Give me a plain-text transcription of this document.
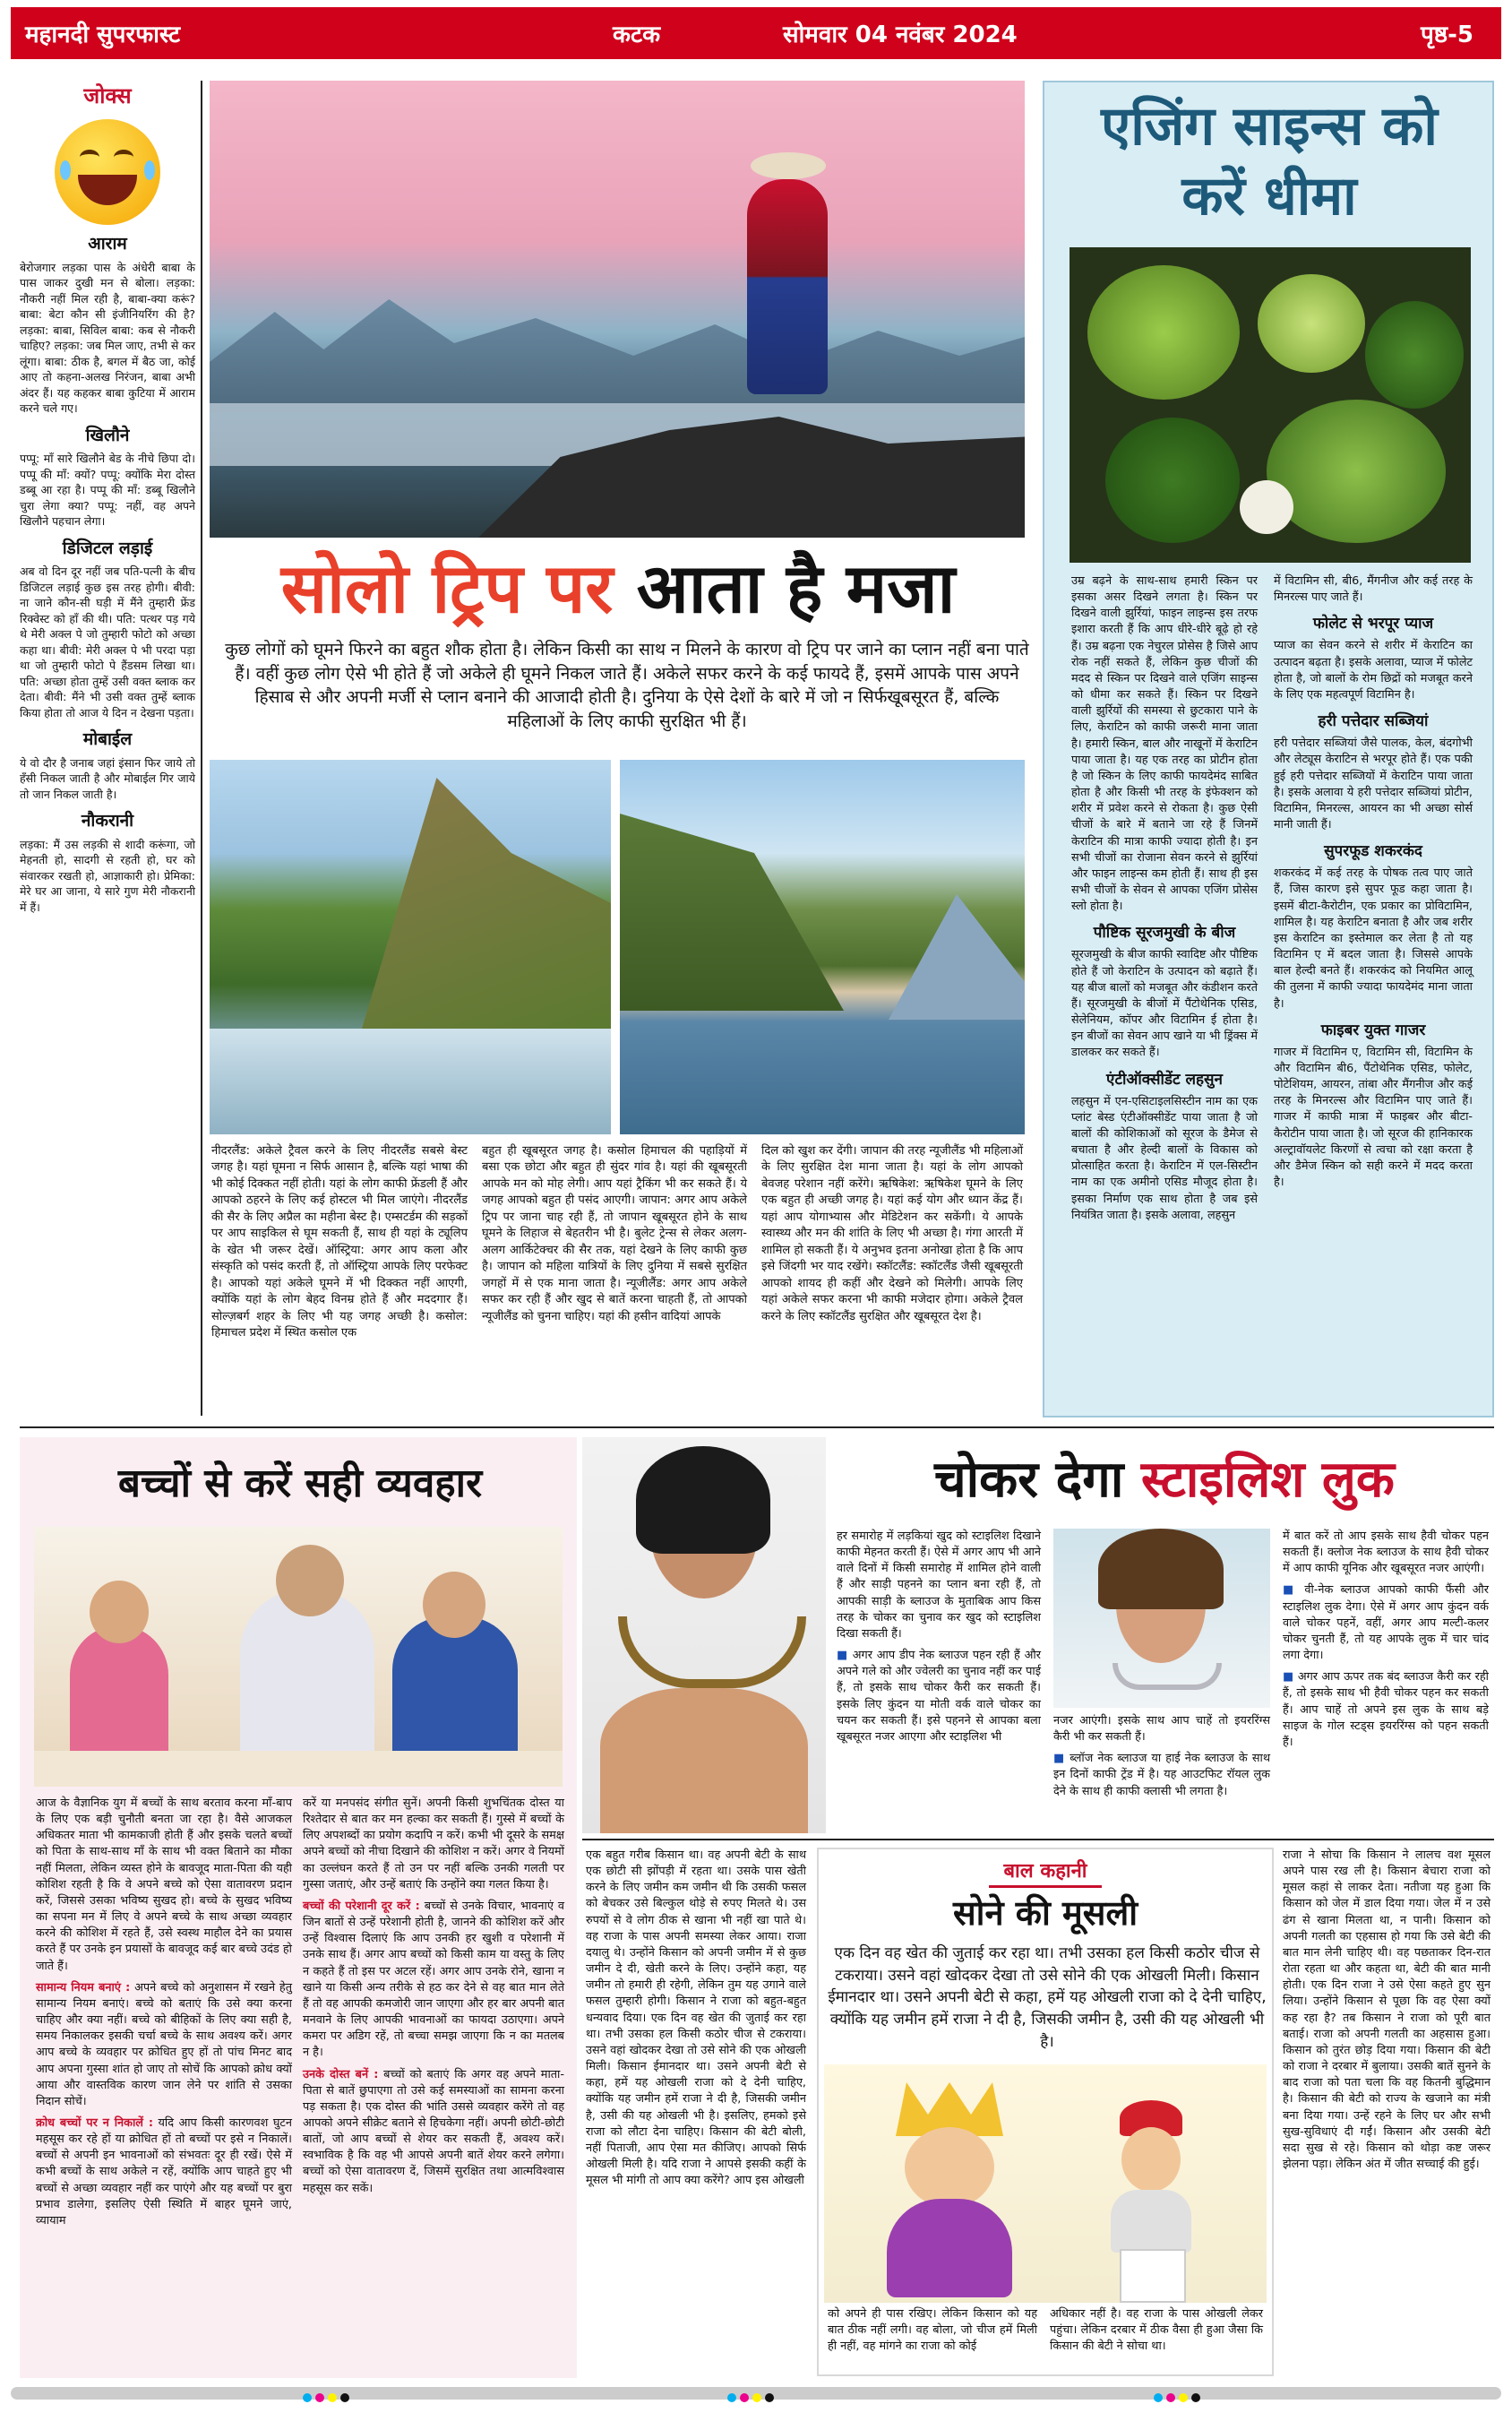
महानदी सुपरफास्ट	कटक	सोमवार 04 नवंबर 2024	पृष्ठ-5
जोक्स
आराम

बेरोजगार लड़का पास के अंधेरी बाबा के पास जाकर दुखी मन से बोला। लड़का: नौकरी नहीं मिल रही है, बाबा-क्या करूं? बाबा: बेटा कौन सी इंजीनियरिंग की है? लड़का: बाबा, सिविल बाबा: कब से नौकरी चाहिए? लड़का: जब मिल जाए, तभी से कर लूंगा। बाबा: ठीक है, बगल में बैठ जा, कोई आए तो कहना-अलख निरंजन, बाबा अभी अंदर हैं। यह कहकर बाबा कुटिया में आराम करने चले गए।

खिलौने

पप्पू: माँ सारे खिलौने बेड के नीचे छिपा दो। पप्पू की माँ: क्यों? पप्पू: क्योंकि मेरा दोस्त डब्बू आ रहा है। पप्पू की माँ: डब्बू खिलौने चुरा लेगा क्या? पप्पू: नहीं, वह अपने खिलौने पहचान लेगा।

डिजिटल लड़ाई

अब वो दिन दूर नहीं जब पति-पत्नी के बीच डिजिटल लड़ाई कुछ इस तरह होगी। बीवी: ना जाने कौन-सी घड़ी में मैंने तुम्हारी फ्रेंड रिक्वेस्ट को हाँ की थी। पति: पत्थर पड़ गये थे मेरी अक्ल पे जो तुम्हारी फोटो को अच्छा कहा था। बीवी: मेरी अक्ल पे भी परदा पड़ा था जो तुम्हारी फोटो पे हैंडसम लिखा था। पति: अच्छा होता तुम्हें उसी वक्त ब्लाक कर देता। बीवी: मैंने भी उसी वक्त तुम्हें ब्लाक किया होता तो आज ये दिन न देखना पड़ता।

मोबाईल

ये वो दौर है जनाब जहां इंसान फिर जाये तो हँसी निकल जाती है और मोबाईल गिर जाये तो जान निकल जाती है।

नौकरानी

लड़का: मैं उस लड़की से शादी करूंगा, जो मेहनती हो, सादगी से रहती हो, घर को संवारकर रखती हो, आज्ञाकारी हो। प्रेमिका: मेरे घर आ जाना, ये सारे गुण मेरी नौकरानी में हैं।

सोलो ट्रिप पर आता है मजा
कुछ लोगों को घूमने फिरने का बहुत शौक होता है। लेकिन किसी का साथ न मिलने के कारण वो ट्रिप पर जाने का प्लान नहीं बना पाते हैं। वहीं कुछ लोग ऐसे भी होते हैं जो अकेले ही घूमने निकल जाते हैं। अकेले सफर करने के कई फायदे हैं, इसमें आपके पास अपने हिसाब से और अपनी मर्जी से प्लान बनाने की आजादी होती है। दुनिया के ऐसे देशों के बारे में जो न सिर्फखूबसूरत हैं, बल्कि महिलाओं के लिए काफी सुरक्षित भी हैं।
नीदरलैंड: अकेले ट्रैवल करने के लिए नीदरलैंड सबसे बेस्ट जगह है। यहां घूमना न सिर्फ आसान है, बल्कि यहां भाषा की भी कोई दिक्कत नहीं होती। यहां के लोग काफी फ्रेंडली हैं और आपको ठहरने के लिए कई होस्टल भी मिल जाएंगे। नीदरलैंड की सैर के लिए अप्रैल का महीना बेस्ट है। एम्सटर्डम की सड़कों पर आप साइकिल से घूम सकती हैं, साथ ही यहां के ट्यूलिप के खेत भी जरूर देखें। ऑस्ट्रिया: अगर आप कला और संस्कृति को पसंद करती हैं, तो ऑस्ट्रिया आपके लिए परफेक्ट है। आपको यहां अकेले घूमने में भी दिक्कत नहीं आएगी, क्योंकि यहां के लोग बेहद विनम्र होते हैं और मददगार हैं। सोल्ज़बर्ग शहर के लिए भी यह जगह अच्छी है। कसोल: हिमाचल प्रदेश में स्थित कसोल एक
बहुत ही खूबसूरत जगह है। कसोल हिमाचल की पहाड़ियों में बसा एक छोटा और बहुत ही सुंदर गांव है। यहां की खूबसूरती आपके मन को मोह लेगी। आप यहां ट्रैकिंग भी कर सकते हैं। ये जगह आपको बहुत ही पसंद आएगी। जापान: अगर आप अकेले ट्रिप पर जाना चाह रही हैं, तो जापान खूबसूरत होने के साथ घूमने के लिहाज से बेहतरीन भी है। बुलेट ट्रेन्स से लेकर अलग-अलग आर्किटेक्चर की सैर तक, यहां देखने के लिए काफी कुछ है। जापान को महिला यात्रियों के लिए दुनिया में सबसे सुरक्षित जगहों में से एक माना जाता है। न्यूजीलैंड: अगर आप अकेले सफर कर रही हैं और खुद से बातें करना चाहती हैं, तो आपको न्यूजीलैंड को चुनना चाहिए। यहां की हसीन वादियां आपके
दिल को खुश कर देंगी। जापान की तरह न्यूजीलैंड भी महिलाओं के लिए सुरक्षित देश माना जाता है। यहां के लोग आपको बेवजह परेशान नहीं करेंगे। ऋषिकेश: ऋषिकेश घूमने के लिए एक बहुत ही अच्छी जगह है। यहां कई योग और ध्यान केंद्र हैं। यहां आप योगाभ्यास और मेडिटेशन कर सकेंगी। ये आपके स्वास्थ्य और मन की शांति के लिए भी अच्छा है। गंगा आरती में शामिल हो सकती हैं। ये अनुभव इतना अनोखा होता है कि आप इसे जिंदगी भर याद रखेंगे। स्कॉटलैंड: स्कॉटलैंड जैसी खूबसूरती आपको शायद ही कहीं और देखने को मिलेगी। आपके लिए यहां अकेले सफर करना भी काफी मजेदार होगा। अकेले ट्रैवल करने के लिए स्कॉटलैंड सुरक्षित और खूबसूरत देश है।
एजिंग साइन्स को
करें धीमा

उम्र बढ़ने के साथ-साथ हमारी स्किन पर इसका असर दिखने लगता है। स्किन पर दिखने वाली झुर्रियां, फाइन लाइन्स इस तरफ इशारा करती हैं कि आप धीरे-धीरे बूढ़े हो रहे हैं। उम्र बढ़ना एक नेचुरल प्रोसेस है जिसे आप रोक नहीं सकते हैं, लेकिन कुछ चीजों की मदद से स्किन पर दिखने वाले एजिंग साइन्स को धीमा कर सकते हैं। स्किन पर दिखने वाली झुर्रियों की समस्या से छुटकारा पाने के लिए, केराटिन को काफी जरूरी माना जाता है। हमारी स्किन, बाल और नाखूनों में केराटिन पाया जाता है। यह एक तरह का प्रोटीन होता है जो स्किन के लिए काफी फायदेमंद साबित होता है और किसी भी तरह के इंफेक्शन को शरीर में प्रवेश करने से रोकता है। कुछ ऐसी चीजों के बारे में बताने जा रहे हैं जिनमें केराटिन की मात्रा काफी ज्यादा होती है। इन सभी चीजों का रोजाना सेवन करने से झुर्रियां और फाइन लाइन्स कम होती हैं। साथ ही इस सभी चीजों के सेवन से आपका एजिंग प्रोसेस स्लो होता है।

पौष्टिक सूरजमुखी के बीज

सूरजमुखी के बीज काफी स्वादिष्ट और पौष्टिक होते हैं जो केराटिन के उत्पादन को बढ़ाते हैं। यह बीज बालों को मजबूत और कंडीशन करते हैं। सूरजमुखी के बीजों में पैंटोथेनिक एसिड, सेलेनियम, कॉपर और विटामिन ई होता है। इन बीजों का सेवन आप खाने या भी ड्रिंक्स में डालकर कर सकते हैं।

एंटीऑक्सीडेंट लहसुन

लहसुन में एन-एसिटाइलसिस्टीन नाम का एक प्लांट बेस्ड एंटीऑक्सीडेंट पाया जाता है जो बालों की कोशिकाओं को सूरज के डैमेज से बचाता है और हेल्दी बालों के विकास को प्रोत्साहित करता है। केराटिन में एल-सिस्टीन नाम का एक अमीनो एसिड मौजूद होता है। इसका निर्माण एक साथ होता है जब इसे नियंत्रित जाता है। इसके अलावा, लहसुन

में विटामिन सी, बी6, मैंगनीज और कई तरह के मिनरल्स पाए जाते हैं।

फोलेट से भरपूर प्याज

प्याज का सेवन करने से शरीर में केराटिन का उत्पादन बढ़ता है। इसके अलावा, प्याज में फोलेट होता है, जो बालों के रोम छिद्रों को मजबूत करने के लिए एक महत्वपूर्ण विटामिन है।

हरी पत्तेदार सब्जियां

हरी पत्तेदार सब्जियां जैसे पालक, केल, बंदगोभी और लेट्यूस केराटिन से भरपूर होते हैं। एक पकी हुई हरी पत्तेदार सब्जियों में केराटिन पाया जाता है। इसके अलावा ये हरी पत्तेदार सब्जियां प्रोटीन, विटामिन, मिनरल्स, आयरन का भी अच्छा सोर्स मानी जाती हैं।

सुपरफूड शकरकंद

शकरकंद में कई तरह के पोषक तत्व पाए जाते हैं, जिस कारण इसे सुपर फूड कहा जाता है। इसमें बीटा-कैरोटीन, एक प्रकार का प्रोविटामिन, शामिल है। यह केराटिन बनाता है और जब शरीर इस केराटिन का इस्तेमाल कर लेता है तो यह विटामिन ए में बदल जाता है। जिससे आपके बाल हेल्दी बनते हैं। शकरकंद को नियमित आलू की तुलना में काफी ज्यादा फायदेमंद माना जाता है।

फाइबर युक्त गाजर

गाजर में विटामिन ए, विटामिन सी, विटामिन के और विटामिन बी6, पैंटोथेनिक एसिड, फोलेट, पोटेशियम, आयरन, तांबा और मैंगनीज और कई तरह के मिनरल्स और विटामिन पाए जाते हैं। गाजर में काफी मात्रा में फाइबर और बीटा-कैरोटीन पाया जाता है। जो सूरज की हानिकारक अल्ट्रावॉयलेट किरणों से त्वचा को रक्षा करता है और डैमेज स्किन को सही करने में मदद करता है।

बच्चों से करें सही व्यवहार

आज के वैज्ञानिक युग में बच्चों के साथ बरताव करना माँ-बाप के लिए एक बड़ी चुनौती बनता जा रहा है। वैसे आजकल अधिकतर माता भी कामकाजी होती हैं और इसके चलते बच्चों को पिता के साथ-साथ माँ के साथ भी वक्त बिताने का मौका नहीं मिलता, लेकिन व्यस्त होने के बावजूद माता-पिता की यही कोशिश रहती है कि वे अपने बच्चे को ऐसा वातावरण प्रदान करें, जिससे उसका भविष्य सुखद हो। बच्चे के सुखद भविष्य का सपना मन में लिए वे अपने बच्चे के साथ अच्छा व्यवहार करने की कोशिश में रहते हैं, उसे स्वस्थ माहौल देने का प्रयास करते हैं पर उनके इन प्रयासों के बावजूद कई बार बच्चे उदंड हो जाते हैं।

सामान्य नियम बनाएं : अपने बच्चे को अनुशासन में रखने हेतु सामान्य नियम बनाएं। बच्चे को बताएं कि उसे क्या करना चाहिए और क्या नहीं। बच्चे को बीहिकों के लिए क्या सही है, समय निकालकर इसकी चर्चा बच्चे के साथ अवश्य करें। अगर आप बच्चे के व्यवहार पर क्रोधित हुए हों तो पांच मिनट बाद आप अपना गुस्सा शांत हो जाए तो सोचें कि आपको क्रोध क्यों आया और वास्तविक कारण जान लेने पर शांति से उसका निदान सोचें।

क्रोध बच्चों पर न निकालें : यदि आप किसी कारणवश घुटन महसूस कर रहे हों या क्रोधित हों तो बच्चों पर इसे न निकालें। बच्चों से अपनी इन भावनाओं को संभवतः दूर ही रखें। ऐसे में कभी बच्चों के साथ अकेले न रहें, क्योंकि आप चाहते हुए भी बच्चों से अच्छा व्यवहार नहीं कर पाएंगे और यह बच्चों पर बुरा प्रभाव डालेगा, इसलिए ऐसी स्थिति में बाहर घूमने जाएं, व्यायाम

करें या मनपसंद संगीत सुनें। अपनी किसी शुभचिंतक दोस्त या रिश्तेदार से बात कर मन हल्का कर सकती हैं। गुस्से में बच्चों के लिए अपशब्दों का प्रयोग कदापि न करें। कभी भी दूसरे के समक्ष अपने बच्चों को नीचा दिखाने की कोशिश न करें। अगर वे नियमों का उल्लंघन करते हैं तो उन पर नहीं बल्कि उनकी गलती पर गुस्सा जताएं, और उन्हें बताएं कि उन्होंने क्या गलत किया है।

बच्चों की परेशानी दूर करें : बच्चों से उनके विचार, भावनाएं व जिन बातों से उन्हें परेशानी होती है, जानने की कोशिश करें और उन्हें विश्वास दिलाएं कि आप उनकी हर खुशी व परेशानी में उनके साथ हैं। अगर आप बच्चों को किसी काम या वस्तु के लिए न कहते हैं तो इस पर अटल रहें। अगर आप उनके रोने, खाना न खाने या किसी अन्य तरीके से हठ कर देने से वह बात मान लेते हैं तो वह आपकी कमजोरी जान जाएगा और हर बार अपनी बात मनवाने के लिए आपकी भावनाओं का फायदा उठाएगा। अपने कमरा पर अडिग रहें, तो बच्चा समझ जाएगा कि न का मतलब न है।

उनके दोस्त बनें : बच्चों को बताएं कि अगर वह अपने माता-पिता से बातें छुपाएगा तो उसे कई समस्याओं का सामना करना पड़ सकता है। एक दोस्त की भांति उससे व्यवहार करेंगे तो वह आपको अपने सीक्रेट बताने से हिचकेगा नहीं। अपनी छोटी-छोटी बातों, जो आप बच्चों से शेयर कर सकती हैं, अवश्य करें। स्वभाविक है कि वह भी आपसे अपनी बातें शेयर करने लगेगा। बच्चों को ऐसा वातावरण दें, जिसमें सुरक्षित तथा आत्मविश्वास महसूस कर सकें।

चोकर देगा स्टाइलिश लुक

हर समारोह में लड़कियां खुद को स्टाइलिश दिखाने काफी मेहनत करती हैं। ऐसे में अगर आप भी आने वाले दिनों में किसी समारोह में शामिल होने वाली हैं और साड़ी पहनने का प्लान बना रही हैं, तो आपकी साड़ी के ब्लाउज के मुताबिक आप किस तरह के चोकर का चुनाव कर खुद को स्टाइलिश दिखा सकती हैं।

■ अगर आप डीप नेक ब्लाउज पहन रही हैं और अपने गले को और ज्वेलरी का चुनाव नहीं कर पाई हैं, तो इसके साथ चोकर कैरी कर सकती हैं। इसके लिए कुंदन या मोती वर्क वाले चोकर का चयन कर सकती हैं। इसे पहनने से आपका बला खूबसूरत नजर आएगा और स्टाइलिश भी

नजर आएंगी। इसके साथ आप चाहें तो इयररिंग्स कैरी भी कर सकती हैं।

■ ब्लॉज नेक ब्लाउज या हाई नेक ब्लाउज के साथ इन दिनों काफी ट्रेंड में है। यह आउटफिट रॉयल लुक देने के साथ ही काफी क्लासी भी लगता है।

में बात करें तो आप इसके साथ हैवी चोकर पहन सकती हैं। क्लोज नेक ब्लाउज के साथ हैवी चोकर में आप काफी यूनिक और खूबसूरत नजर आएंगी।

■ वी-नेक ब्लाउज आपको काफी फैंसी और स्टाइलिश लुक देगा। ऐसे में अगर आप कुंदन वर्क वाले चोकर पहनें, वहीं, अगर आप मल्टी-कलर चोकर चुनती हैं, तो यह आपके लुक में चार चांद लगा देगा।

■ अगर आप ऊपर तक बंद ब्लाउज कैरी कर रही हैं, तो इसके साथ भी हैवी चोकर पहन कर सकती हैं। आप चाहें तो अपने इस लुक के साथ बड़े साइज के गोल स्टड्स इयररिंग्स को पहन सकती हैं।

एक बहुत गरीब किसान था। वह अपनी बेटी के साथ एक छोटी सी झोंपड़ी में रहता था। उसके पास खेती करने के लिए जमीन कम जमीन थी कि उसकी फसल को बेचकर उसे बिल्कुल थोड़े से रुपए मिलते थे। उस रुपयों से वे लोग ठीक से खाना भी नहीं खा पाते थे। वह राजा के पास अपनी समस्या लेकर आया। राजा दयालु थे। उन्होंने किसान को अपनी जमीन में से कुछ जमीन दे दी, खेती करने के लिए। उन्होंने कहा, यह जमीन तो हमारी ही रहेगी, लेकिन तुम यह उगाने वाले फसल तुम्हारी होगी। किसान ने राजा को बहुत-बहुत धन्यवाद दिया। एक दिन वह खेत की जुताई कर रहा था। तभी उसका हल किसी कठोर चीज से टकराया। उसने वहां खोदकर देखा तो उसे सोने की एक ओखली मिली। किसान ईमानदार था। उसने अपनी बेटी से कहा, हमें यह ओखली राजा को दे देनी चाहिए, क्योंकि यह जमीन हमें राजा ने दी है, जिसकी जमीन है, उसी की यह ओखली भी है। इसलिए, हमको इसे राजा को लौटा देना चाहिए। किसान की बेटी बोली, नहीं पिताजी, आप ऐसा मत कीजिए। आपको सिर्फ ओखली मिली है। यदि राजा ने आपसे इसकी कहीं के मूसल भी मांगी तो आप क्या करेंगे? आप इस ओखली
बाल कहानी
सोने की मूसली
एक दिन वह खेत की जुताई कर रहा था। तभी उसका हल किसी कठोर चीज से टकराया। उसने वहां खोदकर देखा तो उसे सोने की एक ओखली मिली। किसान ईमानदार था। उसने अपनी बेटी से कहा, हमें यह ओखली राजा को दे देनी चाहिए, क्योंकि यह जमीन हमें राजा ने दी है, जिसकी जमीन है, उसी की यह ओखली भी है।
को अपने ही पास रखिए। लेकिन किसान को यह बात ठीक नहीं लगी। वह बोला, जो चीज हमें मिली ही नहीं, वह मांगने का राजा को कोई
अधिकार नहीं है। वह राजा के पास ओखली लेकर पहुंचा। लेकिन दरबार में ठीक वैसा ही हुआ जैसा कि किसान की बेटी ने सोचा था।
राजा ने सोचा कि किसान ने लालच वश मूसल अपने पास रख ली है। किसान बेचारा राजा को मूसल कहां से लाकर देता। नतीजा यह हुआ कि किसान को जेल में डाल दिया गया। जेल में न उसे ढंग से खाना मिलता था, न पानी। किसान को अपनी गलती का एहसास हो गया कि उसे बेटी की बात मान लेनी चाहिए थी। वह पछताकर दिन-रात रोता रहता था और कहता था, बेटी की बात मानी होती। एक दिन राजा ने उसे ऐसा कहते हुए सुन लिया। उन्होंने किसान से पूछा कि वह ऐसा क्यों कह रहा है? तब किसान ने राजा को पूरी बात बताई। राजा को अपनी गलती का अहसास हुआ। किसान को तुरंत छोड़ दिया गया। किसान की बेटी को राजा ने दरबार में बुलाया। उसकी बातें सुनने के बाद राजा को पता चला कि वह कितनी बुद्धिमान है। किसान की बेटी को राज्य के खजाने का मंत्री बना दिया गया। उन्हें रहने के लिए घर और सभी सुख-सुविधाएं दी गईं। किसान और उसकी बेटी सदा सुख से रहे। किसान को थोड़ा कष्ट जरूर झेलना पड़ा। लेकिन अंत में जीत सच्चाई की हुई।
